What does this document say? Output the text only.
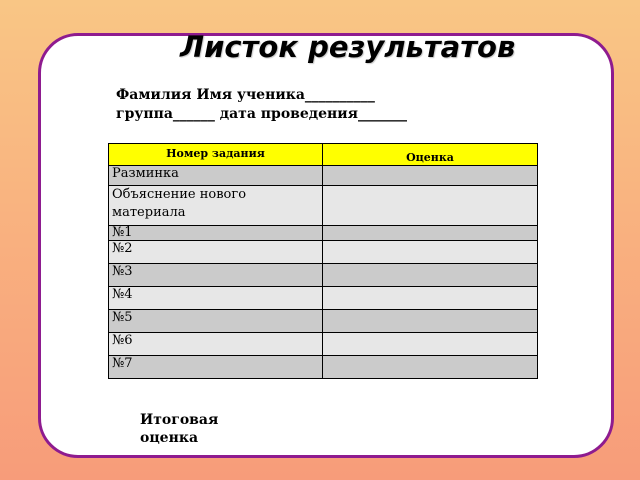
Листок результатов
Фамилия Имя ученика__________
группа______ дата проведения_______
Номер задания	Оценка
Разминка	
Объяснение нового материала	
№1	
№2	
№3	
№4	
№5	
№6	
№7	
Итоговая оценка
